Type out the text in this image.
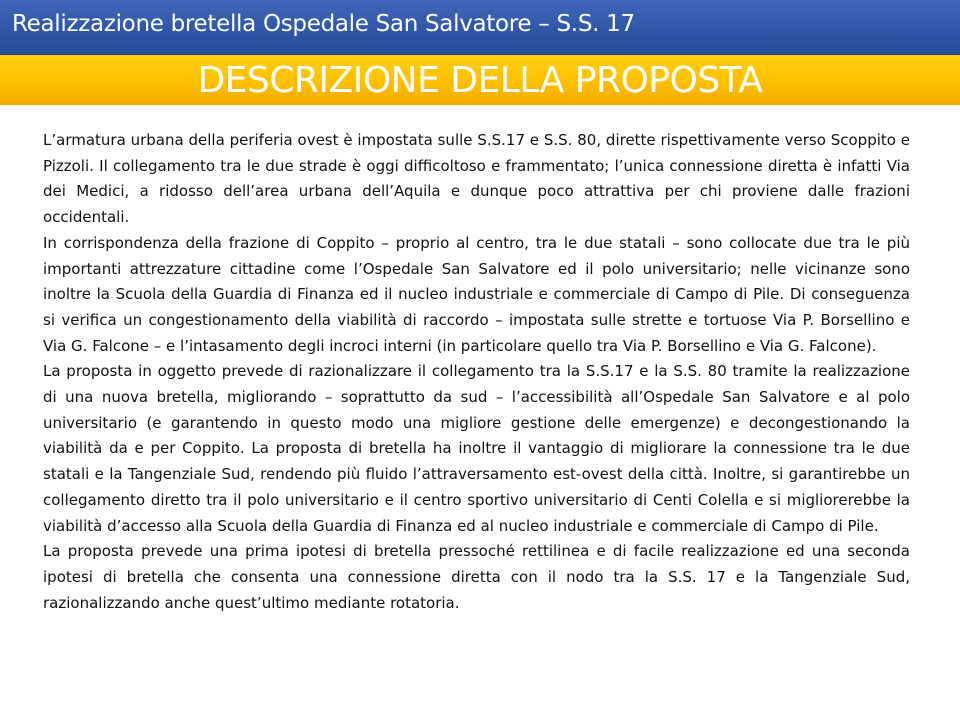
Realizzazione bretella Ospedale San Salvatore – S.S. 17
DESCRIZIONE DELLA PROPOSTA

L’armatura urbana della periferia ovest è impostata sulle S.S.17 e S.S. 80, dirette rispettivamente verso Scoppito e Pizzoli. Il collegamento tra le due strade è oggi difficoltoso e frammentato; l’unica connessione diretta è infatti Via dei Medici, a ridosso dell’area urbana dell’Aquila e dunque poco attrattiva per chi proviene dalle frazioni occidentali.

In corrispondenza della frazione di Coppito – proprio al centro, tra le due statali – sono collocate due tra le più importanti attrezzature cittadine come l’Ospedale San Salvatore ed il polo universitario; nelle vicinanze sono inoltre la Scuola della Guardia di Finanza ed il nucleo industriale e commerciale di Campo di Pile. Di conseguenza si verifica un congestionamento della viabilità di raccordo – impostata sulle strette e tortuose Via P. Borsellino e Via G. Falcone – e l’intasamento degli incroci interni (in particolare quello tra Via P. Borsellino e Via G. Falcone).

La proposta in oggetto prevede di razionalizzare il collegamento tra la S.S.17 e la S.S. 80 tramite la realizzazione di una nuova bretella, migliorando – soprattutto da sud – l’accessibilità all’Ospedale San Salvatore e al polo universitario (e garantendo in questo modo una migliore gestione delle emergenze) e decongestionando la viabilità da e per Coppito. La proposta di bretella ha inoltre il vantaggio di migliorare la connessione tra le due statali e la Tangenziale Sud, rendendo più fluido l’attraversamento est-ovest della città. Inoltre, si garantirebbe un collegamento diretto tra il polo universitario e il centro sportivo universitario di Centi Colella e si migliorerebbe la viabilità d’accesso alla Scuola della Guardia di Finanza ed al nucleo industriale e commerciale di Campo di Pile.

La proposta prevede una prima ipotesi di bretella pressoché rettilinea e di facile realizzazione ed una seconda ipotesi di bretella che consenta una connessione diretta con il nodo tra la S.S. 17 e la Tangenziale Sud, razionalizzando anche quest’ultimo mediante rotatoria.
